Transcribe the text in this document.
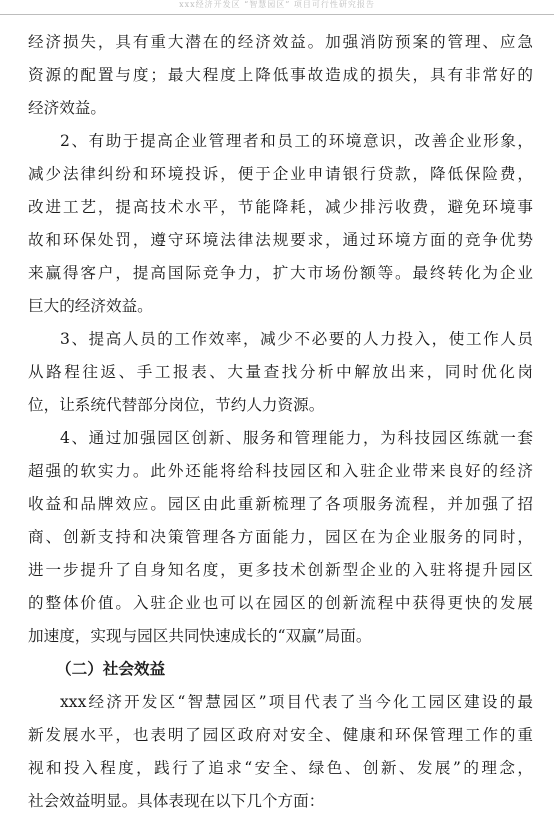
xxx经济开发区 “智慧园区” 项目可行性研究报告
经济损失，具有重大潜在的经济效益。加强消防预案的管理、应急
资源的配置与度；最大程度上降低事故造成的损失，具有非常好的
经济效益。
2、有助于提高企业管理者和员工的环境意识，改善企业形象，
减少法律纠纷和环境投诉，便于企业申请银行贷款，降低保险费，
改进工艺，提高技术水平，节能降耗，减少排污收费，避免环境事
故和环保处罚，遵守环境法律法规要求，通过环境方面的竞争优势
来赢得客户，提高国际竞争力，扩大市场份额等。最终转化为企业
巨大的经济效益。
3、提高人员的工作效率，减少不必要的人力投入，使工作人员
从路程往返、手工报表、大量查找分析中解放出来，同时优化岗
位，让系统代替部分岗位，节约人力资源。
4、通过加强园区创新、服务和管理能力，为科技园区练就一套
超强的软实力。此外还能将给科技园区和入驻企业带来良好的经济
收益和品牌效应。园区由此重新梳理了各项服务流程，并加强了招
商、创新支持和决策管理各方面能力，园区在为企业服务的同时，
进一步提升了自身知名度，更多技术创新型企业的入驻将提升园区
的整体价值。入驻企业也可以在园区的创新流程中获得更快的发展
加速度，实现与园区共同快速成长的“双赢”局面。
（二）社会效益
xxx经济开发区“智慧园区”项目代表了当今化工园区建设的最
新发展水平，也表明了园区政府对安全、健康和环保管理工作的重
视和投入程度，践行了追求“安全、绿色、创新、发展”的理念，
社会效益明显。具体表现在以下几个方面：
